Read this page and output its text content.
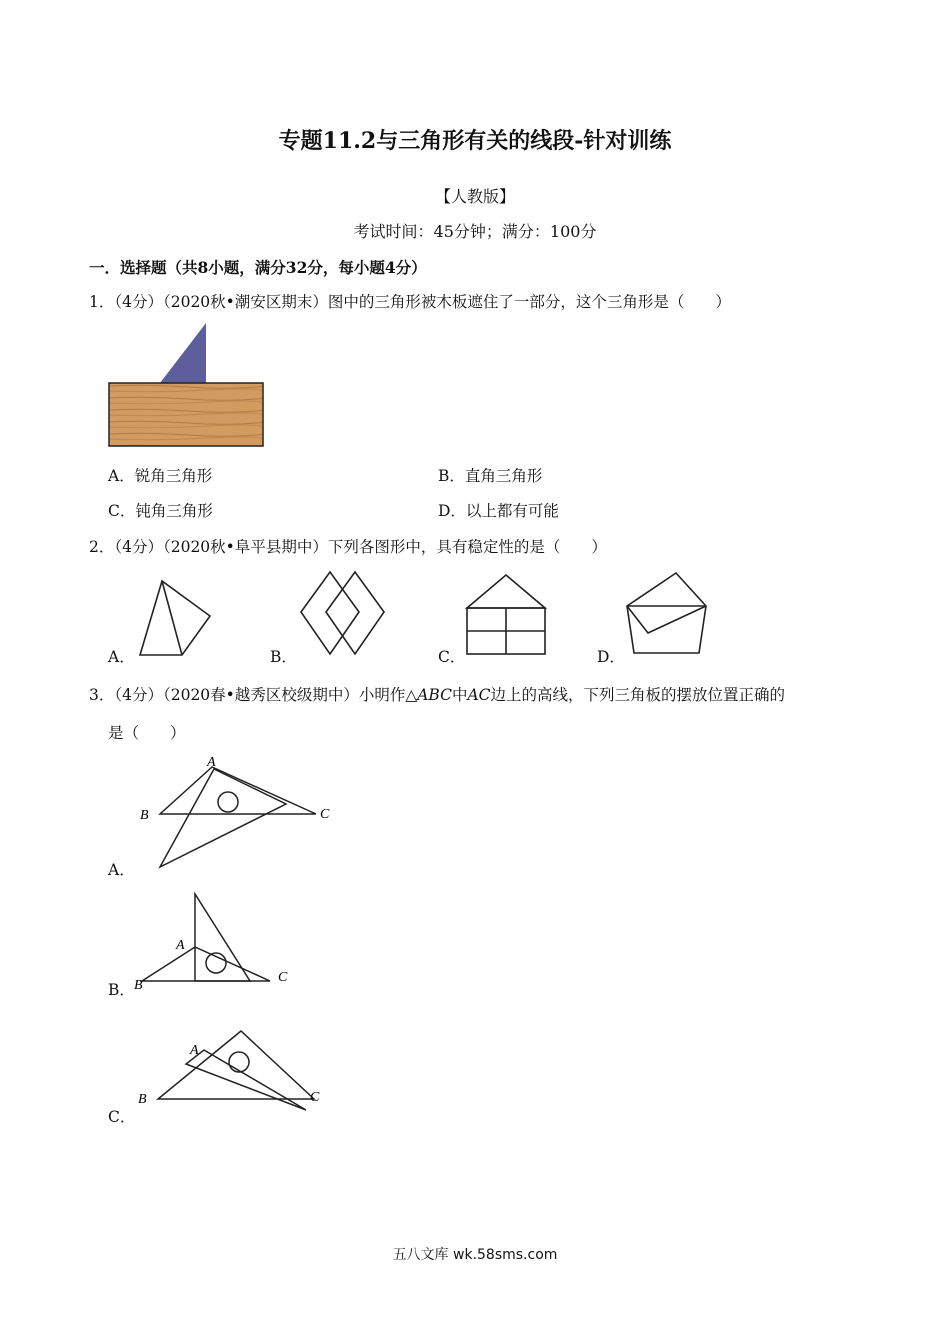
专题11.2与三角形有关的线段-针对训练
【人教版】
考试时间：45分钟；满分：100分
一．选择题（共8小题，满分32分，每小题4分）
1．（4分）（2020秋•潮安区期末）图中的三角形被木板遮住了一部分，这个三角形是（　　）
A．锐角三角形	B．直角三角形
C．钝角三角形	D．以上都有可能
2．（4分）（2020秋•阜平县期中）下列各图形中，具有稳定性的是（　　）
A．	B．	C．	D．
3．（4分）（2020春•越秀区校级期中）小明作△ABC中AC边上的高线，下列三角板的摆放位置正确的
是（　　）
A
B	C
A．
A
B
C
B．
A
B	C
C．
五八文库 wk.58sms.com
